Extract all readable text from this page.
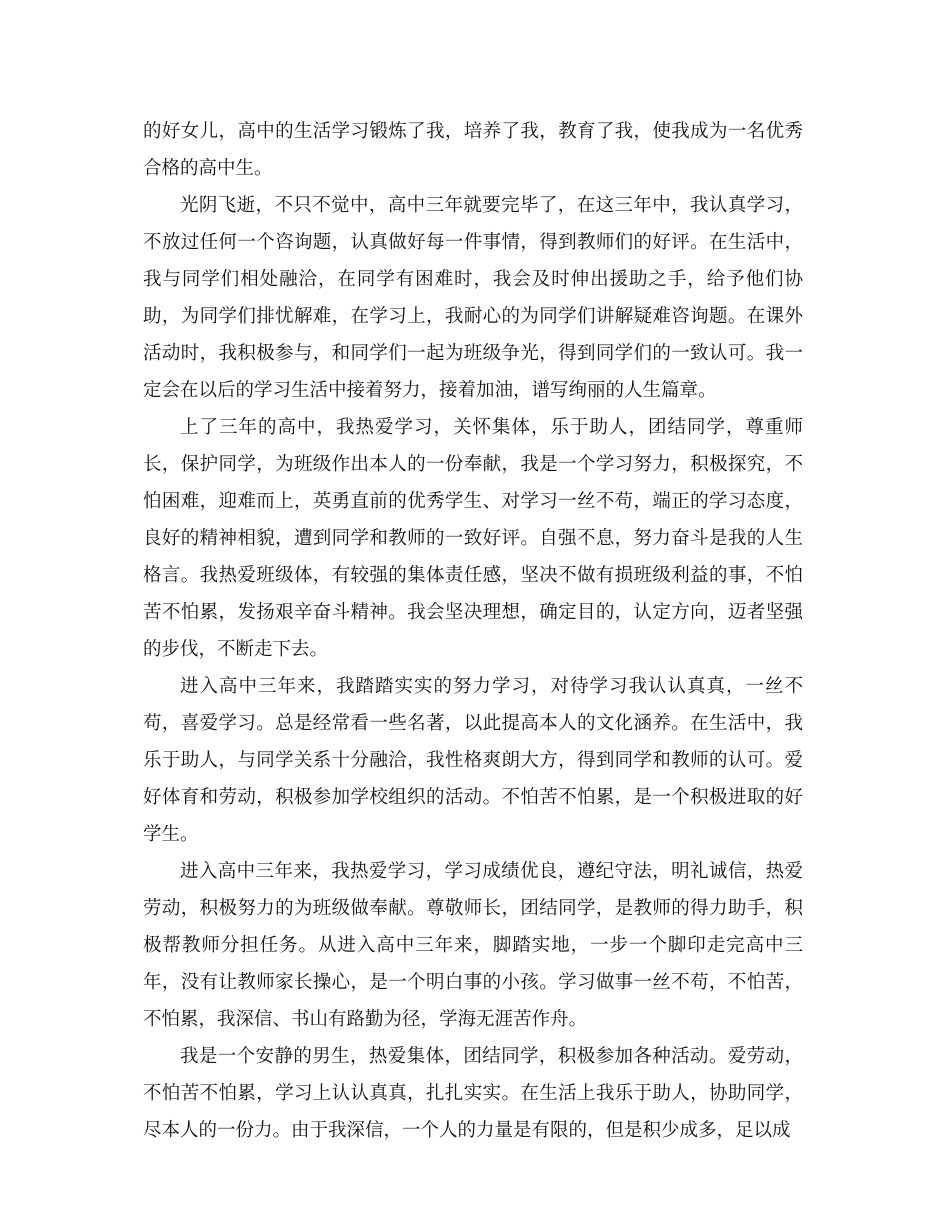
的好女儿，高中的生活学习锻炼了我，培养了我，教育了我，使我成为一名优秀合格的高中生。

光阴飞逝，不只不觉中，高中三年就要完毕了，在这三年中，我认真学习，不放过任何一个咨询题，认真做好每一件事情，得到教师们的好评。在生活中，我与同学们相处融洽，在同学有困难时，我会及时伸出援助之手，给予他们协助，为同学们排忧解难，在学习上，我耐心的为同学们讲解疑难咨询题。在课外活动时，我积极参与，和同学们一起为班级争光，得到同学们的一致认可。我一定会在以后的学习生活中接着努力，接着加油，谱写绚丽的人生篇章。

上了三年的高中，我热爱学习，关怀集体，乐于助人，团结同学，尊重师长，保护同学，为班级作出本人的一份奉献，我是一个学习努力，积极探究，不怕困难，迎难而上，英勇直前的优秀学生、对学习一丝不苟，端正的学习态度，良好的精神相貌，遭到同学和教师的一致好评。自强不息，努力奋斗是我的人生格言。我热爱班级体，有较强的集体责任感，坚决不做有损班级利益的事，不怕苦不怕累，发扬艰辛奋斗精神。我会坚决理想，确定目的，认定方向，迈者坚强的步伐，不断走下去。

进入高中三年来，我踏踏实实的努力学习，对待学习我认认真真，一丝不苟，喜爱学习。总是经常看一些名著，以此提高本人的文化涵养。在生活中，我乐于助人，与同学关系十分融洽，我性格爽朗大方，得到同学和教师的认可。爱好体育和劳动，积极参加学校组织的活动。不怕苦不怕累，是一个积极进取的好学生。

进入高中三年来，我热爱学习，学习成绩优良，遵纪守法，明礼诚信，热爱劳动，积极努力的为班级做奉献。尊敬师长，团结同学，是教师的得力助手，积极帮教师分担任务。从进入高中三年来，脚踏实地，一步一个脚印走完高中三年，没有让教师家长操心，是一个明白事的小孩。学习做事一丝不苟，不怕苦，不怕累，我深信、书山有路勤为径，学海无涯苦作舟。

我是一个安静的男生，热爱集体，团结同学，积极参加各种活动。爱劳动，不怕苦不怕累，学习上认认真真，扎扎实实。在生活上我乐于助人，协助同学，尽本人的一份力。由于我深信，一个人的力量是有限的，但是积少成多，足以成
